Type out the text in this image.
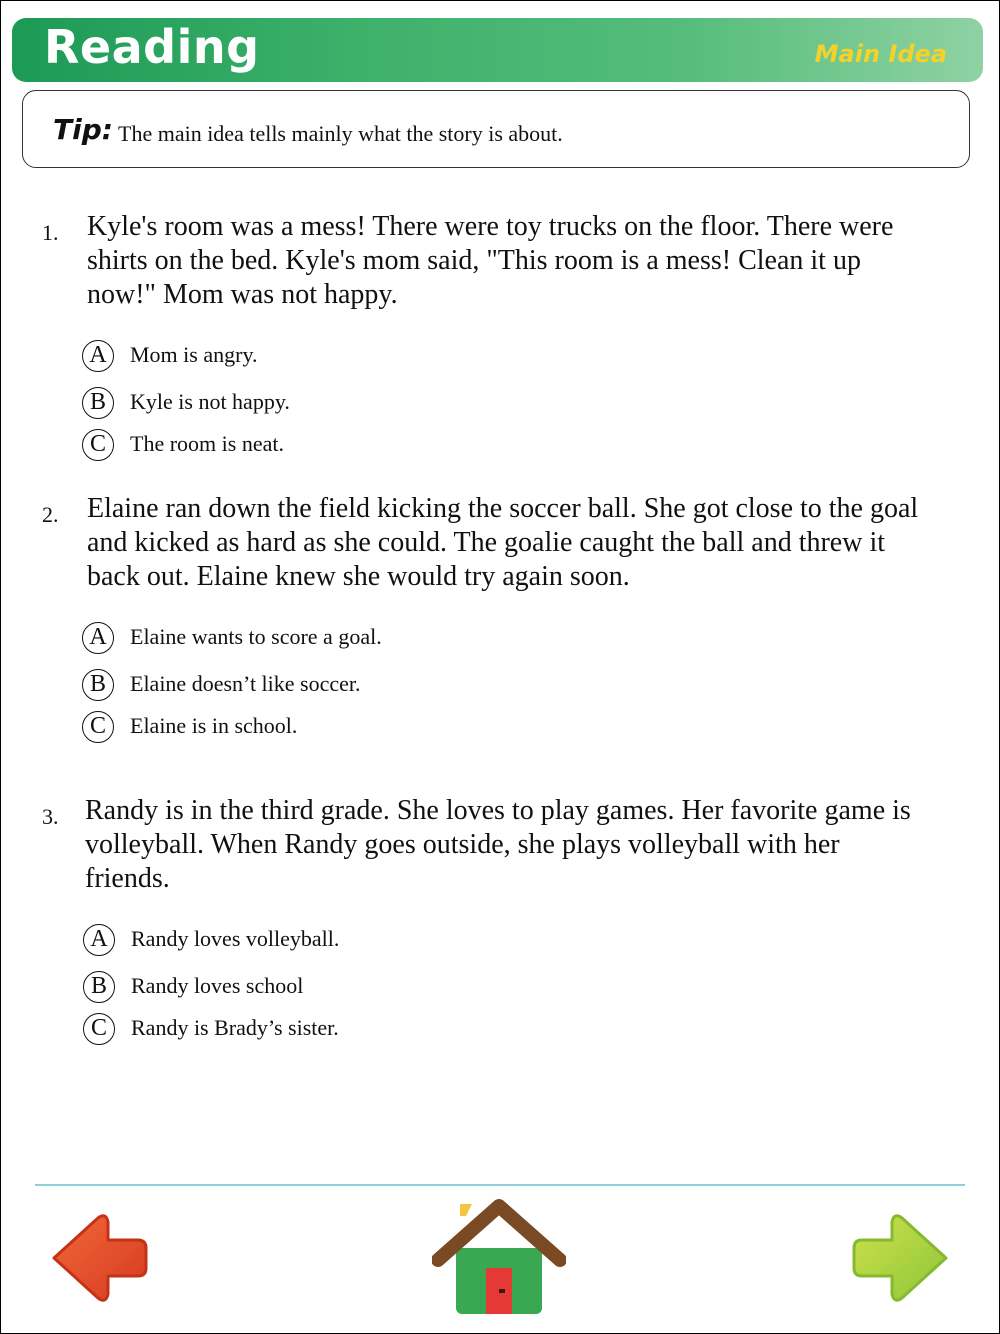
Reading	Main Idea
Tip: The main idea tells mainly what the story is about.
1. Kyle's room was a mess! There were toy trucks on the floor. There were shirts on the bed. Kyle's mom said, "This room is a mess! Clean it up now!" Mom was not happy.
A	Mom is angry.
B	Kyle is not happy.
C	The room is neat.
2. Elaine ran down the field kicking the soccer ball. She got close to the goal and kicked as hard as she could. The goalie caught the ball and threw it back out. Elaine knew she would try again soon.
A	Elaine wants to score a goal.
B	Elaine doesn’t like soccer.
C	Elaine is in school.
3. Randy is in the third grade. She loves to play games. Her favorite game is volleyball. When Randy goes outside, she plays volleyball with her friends.
A	Randy loves volleyball.
B	Randy loves school
C	Randy is Brady’s sister.
